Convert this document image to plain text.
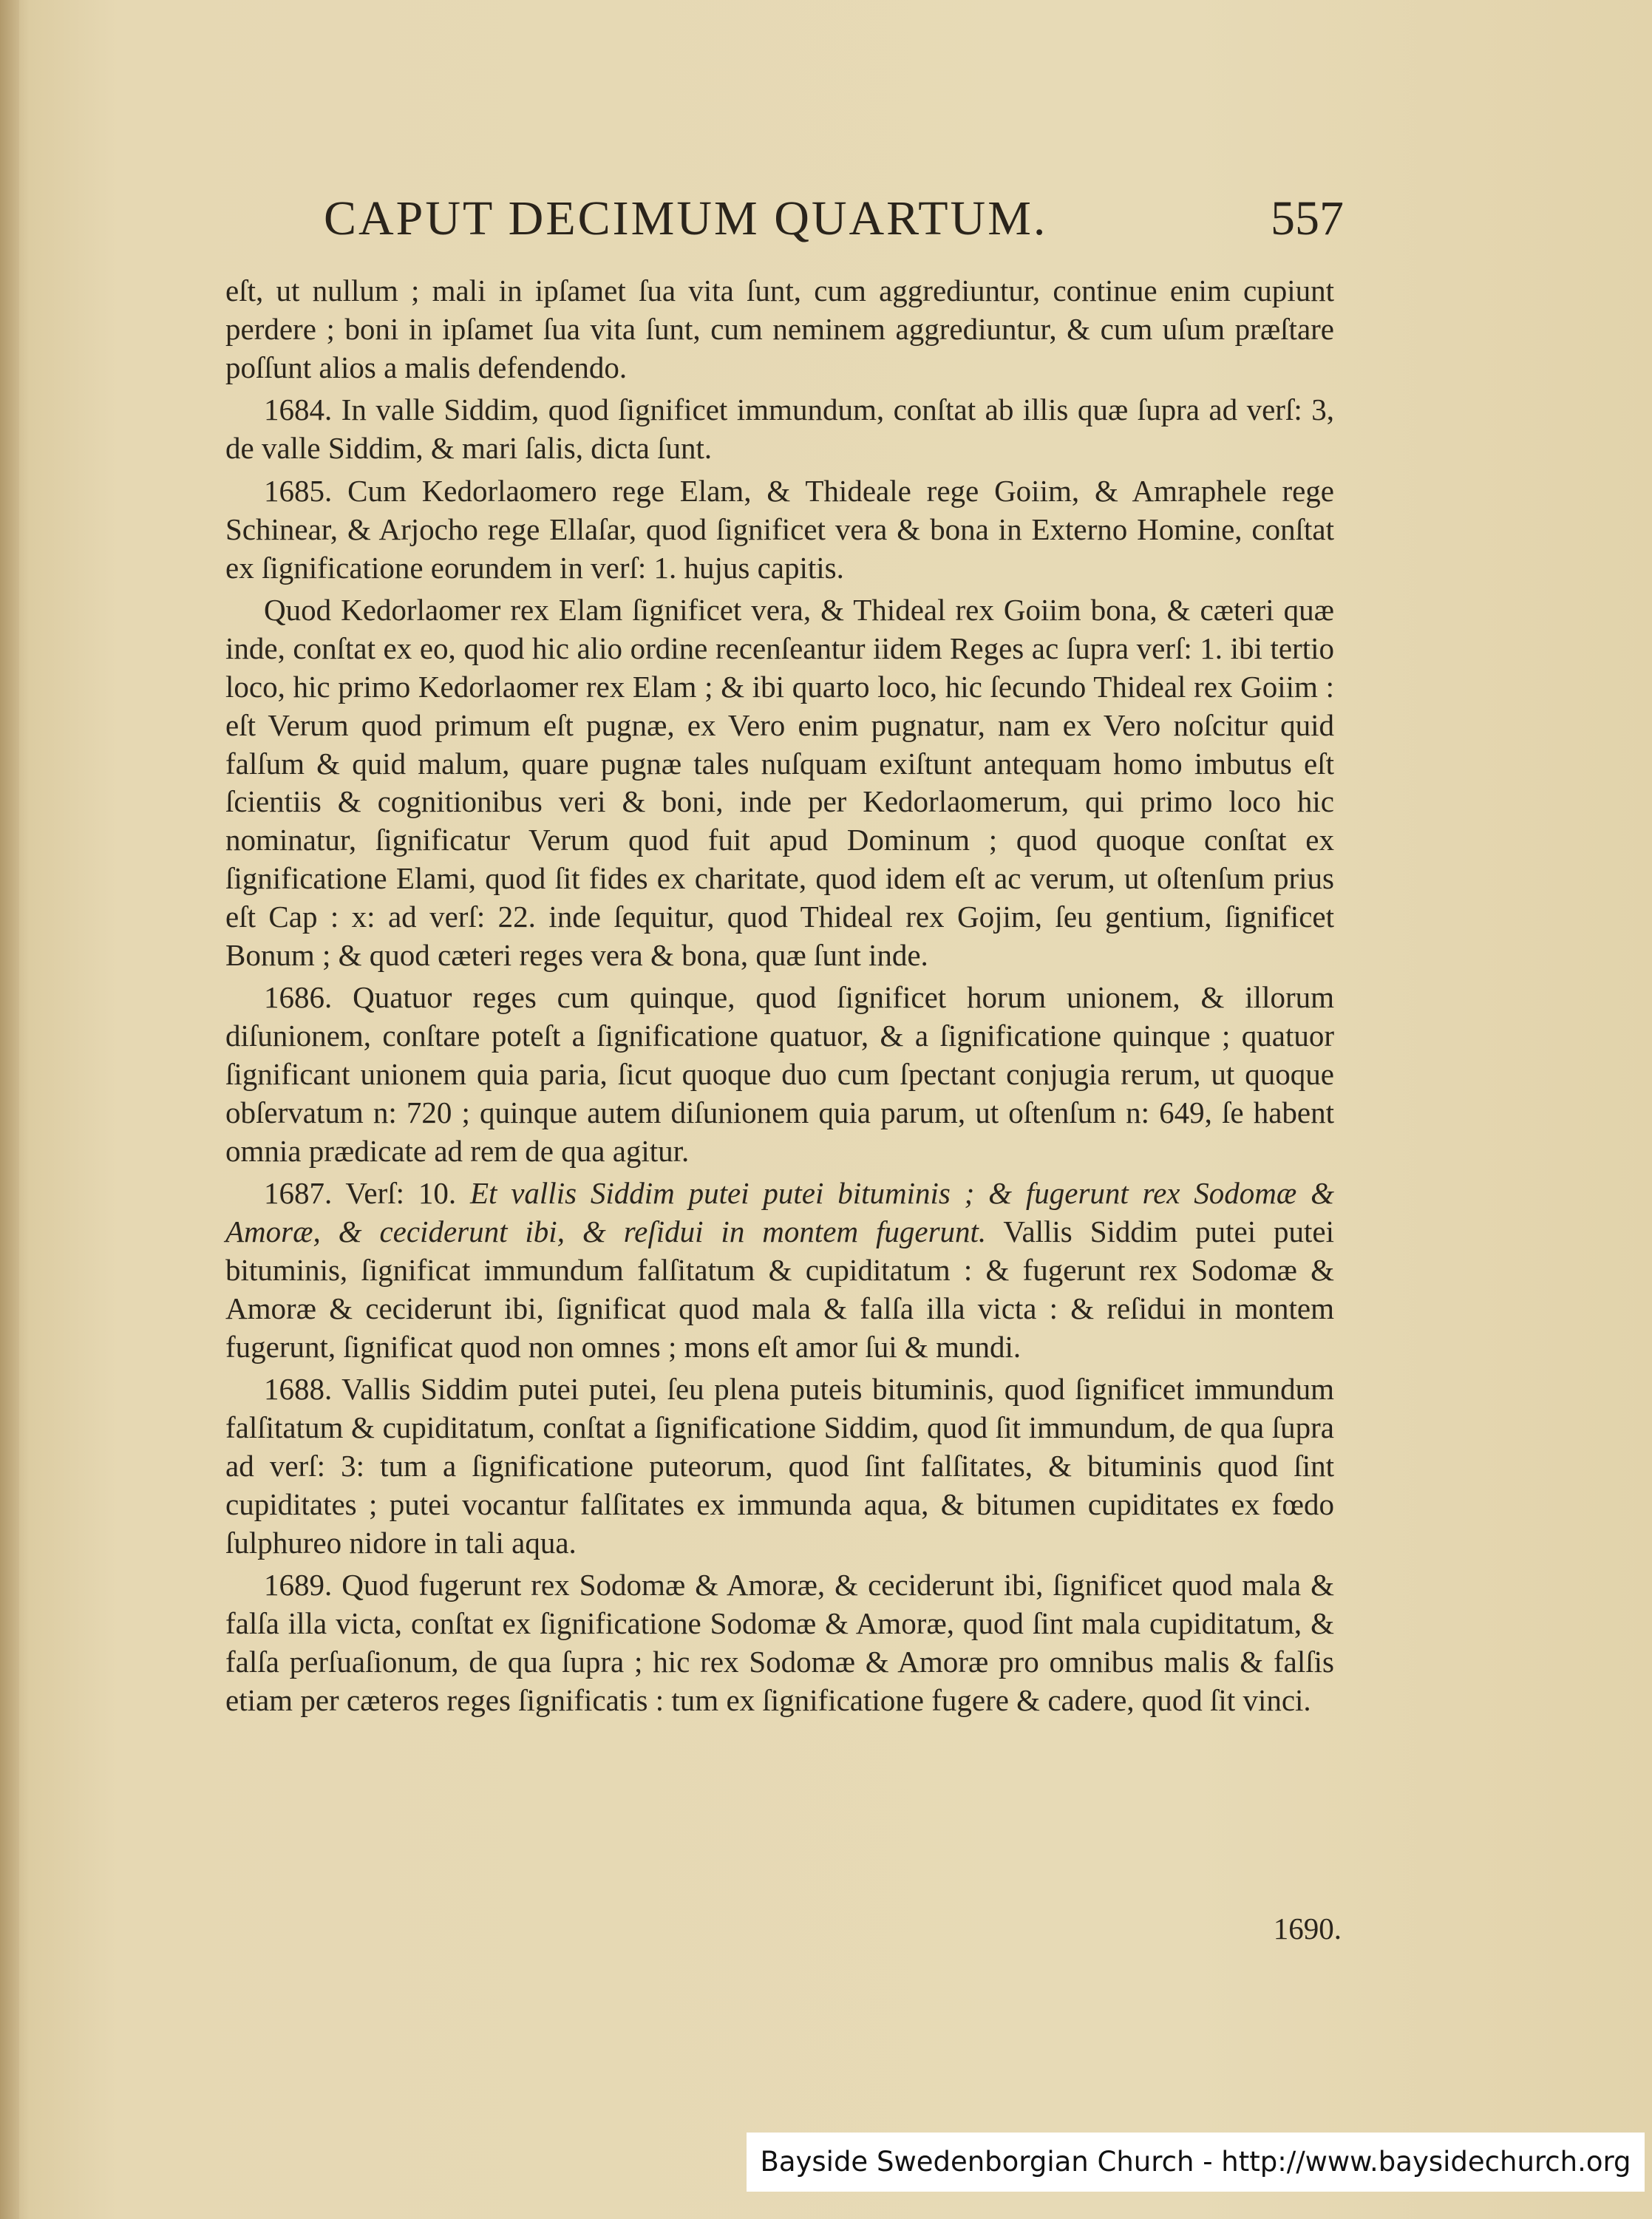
CAPUT DECIMUM QUARTUM.	557

eſt, ut nullum ; mali in ipſamet ſua vita ſunt, cum aggrediuntur, continue enim cupiunt perdere ; boni in ipſamet ſua vita ſunt, cum neminem aggrediuntur, & cum uſum præſtare poſſunt alios a malis defendendo.

1684. In valle Siddim, quod ſignificet immundum, conſtat ab illis quæ ſupra ad verſ: 3, de valle Siddim, & mari ſalis, dicta ſunt.

1685. Cum Kedorlaomero rege Elam, & Thideale rege Goiim, & Amraphele rege Schinear, & Arjocho rege Ellaſar, quod ſignificet vera & bona in Externo Homine, conſtat ex ſignificatione eorundem in verſ: 1. hujus capitis.

Quod Kedorlaomer rex Elam ſignificet vera, & Thideal rex Goiim bona, & cæteri quæ inde, conſtat ex eo, quod hic alio ordine recenſeantur iidem Reges ac ſupra verſ: 1. ibi tertio loco, hic primo Kedorlaomer rex Elam ; & ibi quarto loco, hic ſecundo Thideal rex Goiim : eſt Verum quod primum eſt pugnæ, ex Vero enim pugnatur, nam ex Vero noſcitur quid falſum & quid malum, quare pugnæ tales nuſquam exiſtunt antequam homo imbutus eſt ſcientiis & cognitionibus veri & boni, inde per Kedorlaomerum, qui primo loco hic nominatur, ſignificatur Verum quod fuit apud Dominum ; quod quoque conſtat ex ſignificatione Elami, quod ſit fides ex charitate, quod idem eſt ac verum, ut oſtenſum prius eſt Cap : x: ad verſ: 22. inde ſequitur, quod Thideal rex Gojim, ſeu gentium, ſignificet Bonum ; & quod cæteri reges vera & bona, quæ ſunt inde.

1686. Quatuor reges cum quinque, quod ſignificet horum unionem, & illorum diſunionem, conſtare poteſt a ſignificatione quatuor, & a ſignificatione quinque ; quatuor ſignificant unionem quia paria, ſicut quoque duo cum ſpectant conjugia rerum, ut quoque obſervatum n: 720 ; quinque autem diſunionem quia parum, ut oſtenſum n: 649, ſe habent omnia prædicate ad rem de qua agitur.

1687. Verſ: 10. Et vallis Siddim putei putei bituminis ; & fugerunt rex Sodomæ & Amoræ, & ceciderunt ibi, & reſidui in montem fugerunt. Vallis Siddim putei putei bituminis, ſignificat immundum falſitatum & cupiditatum : & fugerunt rex Sodomæ & Amoræ & ceciderunt ibi, ſignificat quod mala & falſa illa victa : & reſidui in montem fugerunt, ſignificat quod non omnes ; mons eſt amor ſui & mundi.

1688. Vallis Siddim putei putei, ſeu plena puteis bituminis, quod ſignificet immundum falſitatum & cupiditatum, conſtat a ſignificatione Siddim, quod ſit immundum, de qua ſupra ad verſ: 3: tum a ſignificatione puteorum, quod ſint falſitates, & bituminis quod ſint cupiditates ; putei vocantur falſitates ex immunda aqua, & bitumen cupiditates ex fœdo ſulphureo nidore in tali aqua.

1689. Quod fugerunt rex Sodomæ & Amoræ, & ceciderunt ibi, ſignificet quod mala & falſa illa victa, conſtat ex ſignificatione Sodomæ & Amoræ, quod ſint mala cupiditatum, & falſa perſuaſionum, de qua ſupra ; hic rex Sodomæ & Amoræ pro omnibus malis & falſis etiam per cæteros reges ſignificatis : tum ex ſignificatione fugere & cadere, quod ſit vinci.

1690.
Bayside Swedenborgian Church - http://www.baysidechurch.org
